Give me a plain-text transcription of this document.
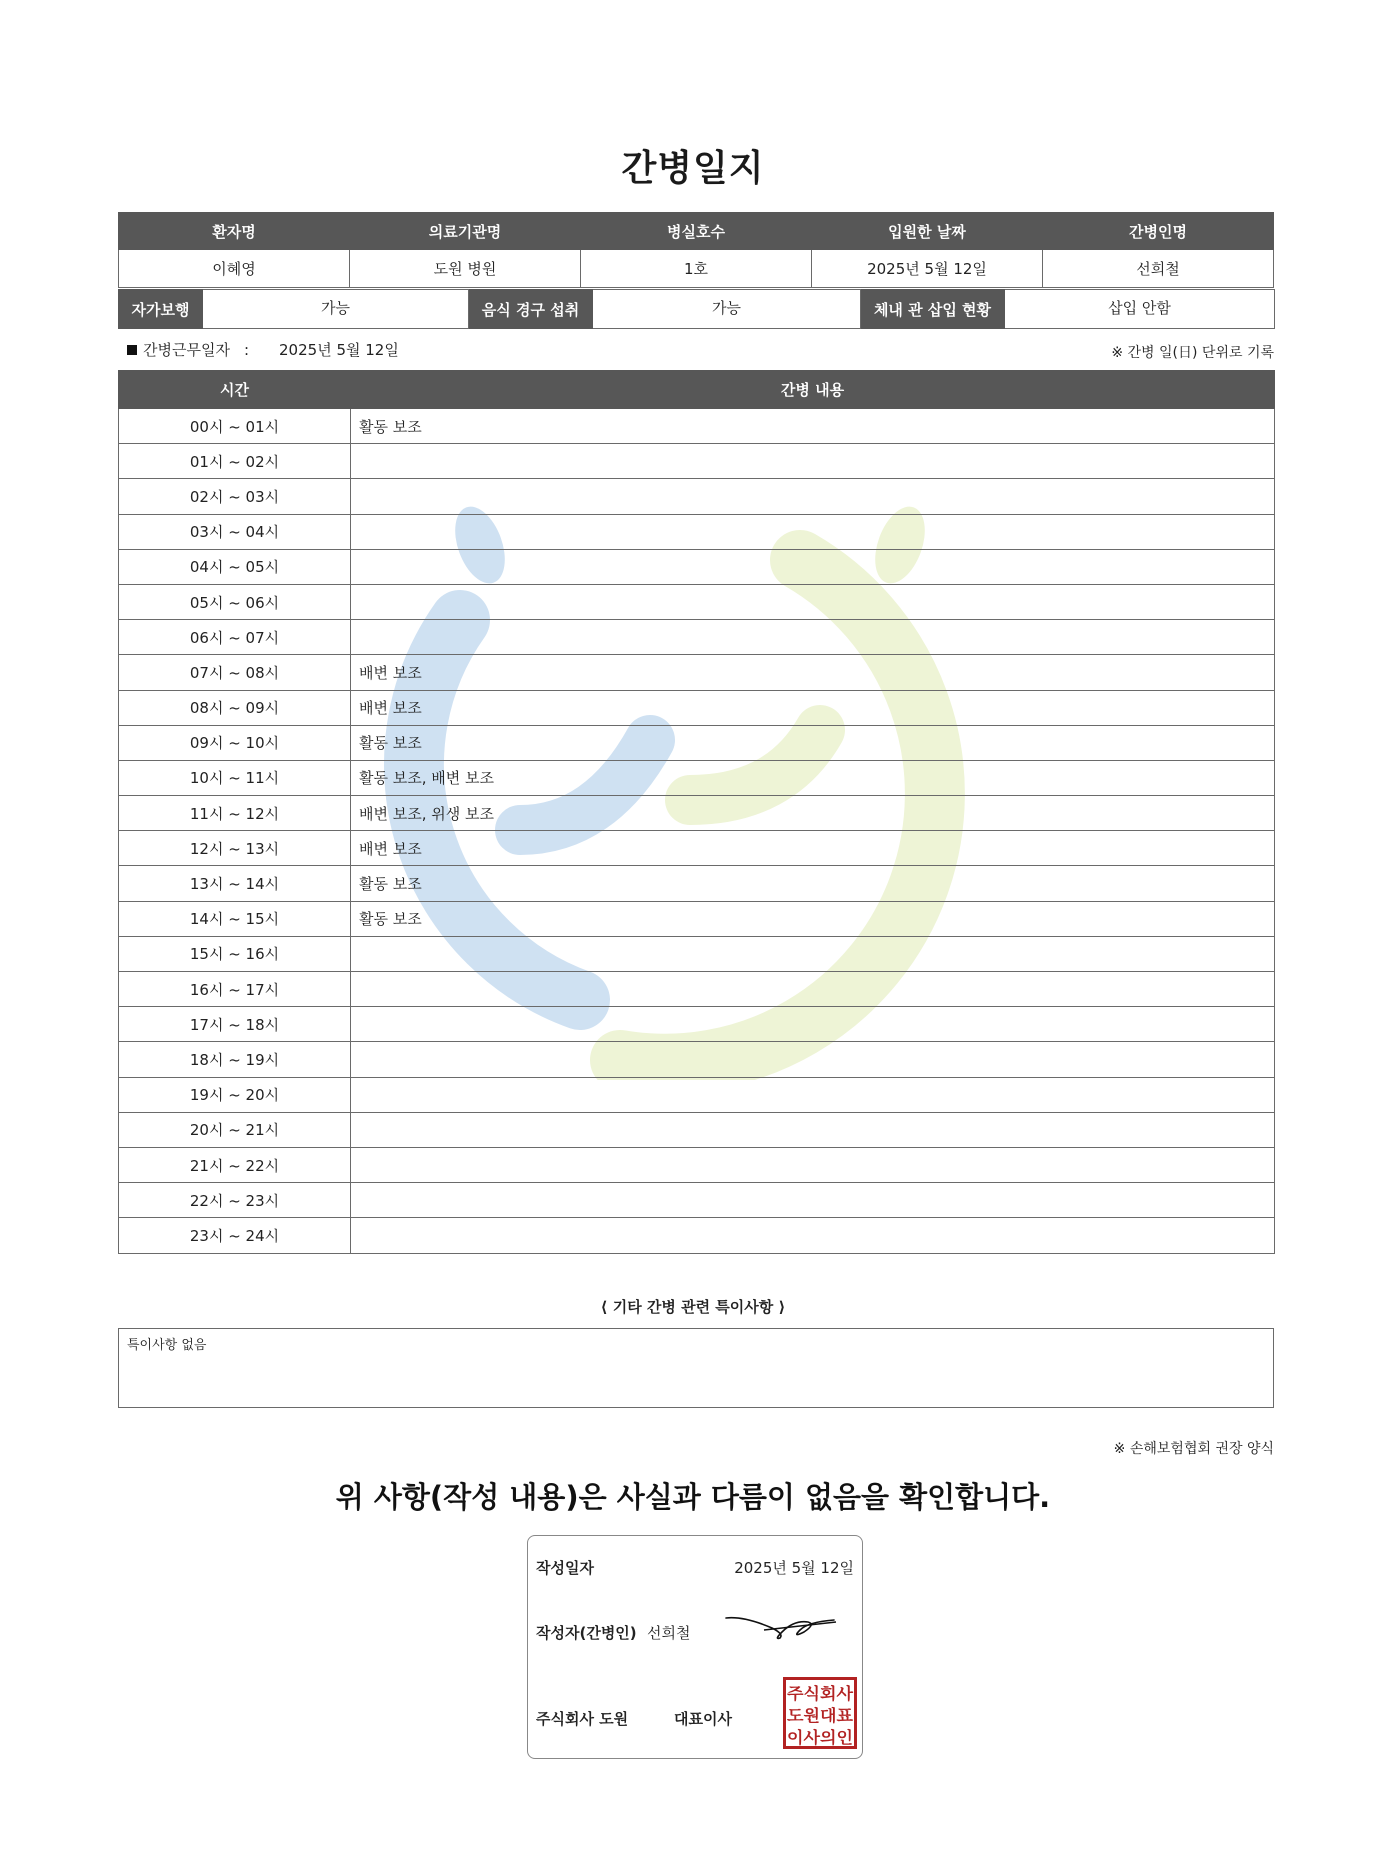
간병일지
환자명	의료기관명	병실호수	입원한 날짜	간병인명
이혜영	도원 병원	1호	2025년 5월 12일	선희철
자가보행	가능	음식 경구 섭취	가능	체내 관 삽입 현황	삽입 안함
간병근무일자 : 2025년 5월 12일	※ 간병 일(日) 단위로 기록
시간	간병 내용
00시 ~ 01시	활동 보조
01시 ~ 02시	
02시 ~ 03시	
03시 ~ 04시	
04시 ~ 05시	
05시 ~ 06시	
06시 ~ 07시	
07시 ~ 08시	배변 보조
08시 ~ 09시	배변 보조
09시 ~ 10시	활동 보조
10시 ~ 11시	활동 보조, 배변 보조
11시 ~ 12시	배변 보조, 위생 보조
12시 ~ 13시	배변 보조
13시 ~ 14시	활동 보조
14시 ~ 15시	활동 보조
15시 ~ 16시	
16시 ~ 17시	
17시 ~ 18시	
18시 ~ 19시	
19시 ~ 20시	
20시 ~ 21시	
21시 ~ 22시	
22시 ~ 23시	
23시 ~ 24시	
⟨ 기타 간병 관련 특이사항 ⟩
특이사항 없음
※ 손해보험협회 권장 양식
위 사항(작성 내용)은 사실과 다름이 없음을 확인합니다.
작성일자	2025년 5월 12일
작성자(간병인) 선희철
주식회사 도원	대표이사
주식회사
도원대표
이사의인
